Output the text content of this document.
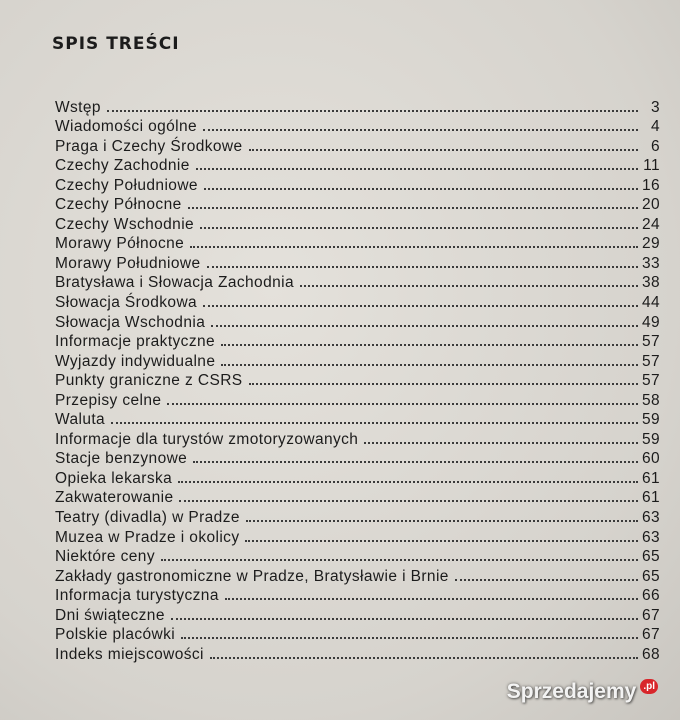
SPIS TREŚCI
Wstęp	3
Wiadomości ogólne	4
Praga i Czechy Środkowe	6
Czechy Zachodnie	11
Czechy Południowe	16
Czechy Północne	20
Czechy Wschodnie	24
Morawy Północne	29
Morawy Południowe	33
Bratysława i Słowacja Zachodnia	38
Słowacja Środkowa	44
Słowacja Wschodnia	49
Informacje praktyczne	57
Wyjazdy indywidualne	57
Punkty graniczne z CSRS	57
Przepisy celne	58
Waluta	59
Informacje dla turystów zmotoryzowanych	59
Stacje benzynowe	60
Opieka lekarska	61
Zakwaterowanie	61
Teatry (divadla) w Pradze	63
Muzea w Pradze i okolicy	63
Niektóre ceny	65
Zakłady gastronomiczne w Pradze, Bratysławie i Brnie	65
Informacja turystyczna	66
Dni świąteczne	67
Polskie placówki	67
Indeks miejscowości	68
Sprzedajemy .pl
